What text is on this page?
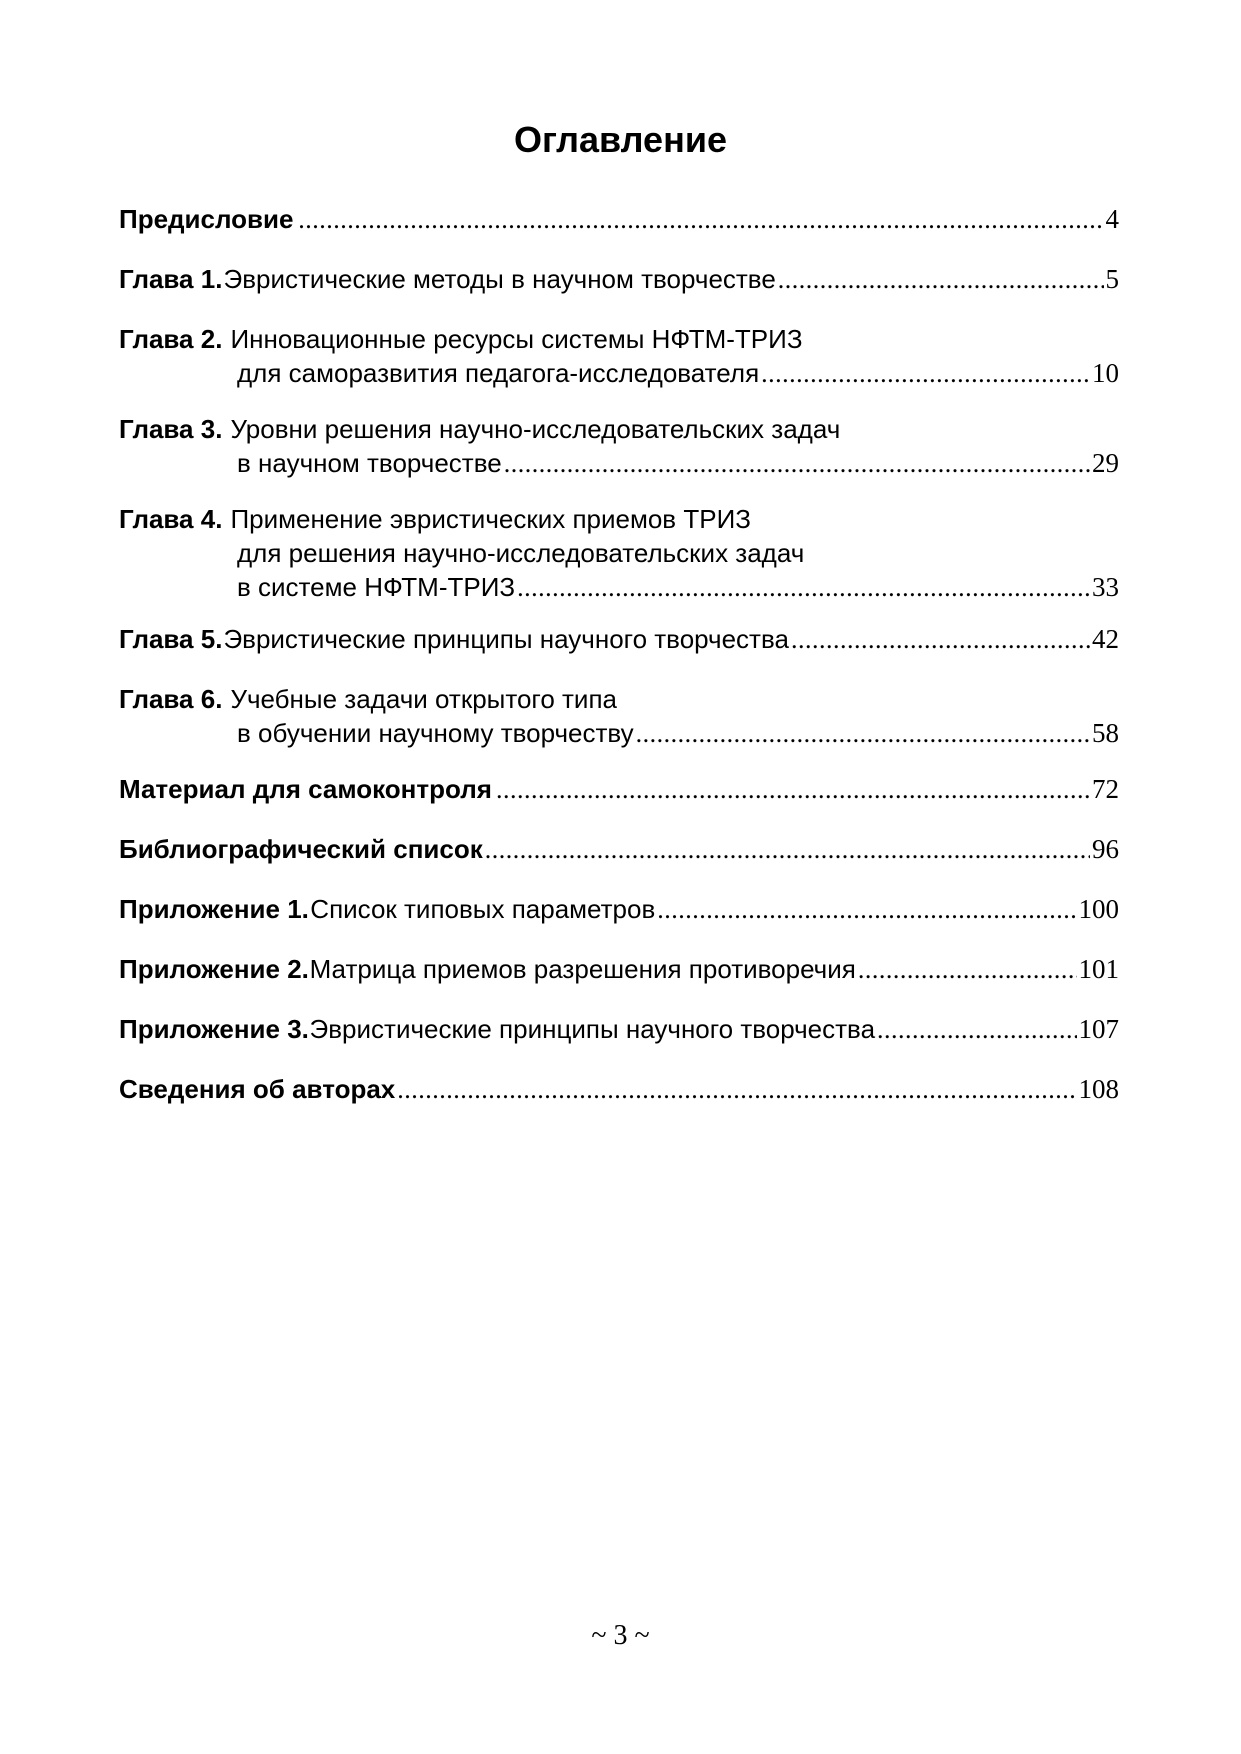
Оглавление
Предисловие .....	4
Глава 1. Эвристические методы в научном творчестве .....	5
Глава 2. Инновационные ресурсы системы НФТМ-ТРИЗ
для саморазвития педагога-исследователя .....	10
Глава 3. Уровни решения научно-исследовательских задач
в научном творчестве .....	29
Глава 4. Применение эвристических приемов ТРИЗ
для решения научно-исследовательских задач
в системе НФТМ-ТРИЗ .....	33
Глава 5. Эвристические принципы научного творчества .....	42
Глава 6. Учебные задачи открытого типа
в обучении научному творчеству .....	58
Материал для самоконтроля .....	72
Библиографический список .....	96
Приложение 1. Список типовых параметров .....	100
Приложение 2. Матрица приемов разрешения противоречия .....	101
Приложение 3. Эвристические принципы научного творчества .....	107
Сведения об авторах .....	108
~ 3 ~
